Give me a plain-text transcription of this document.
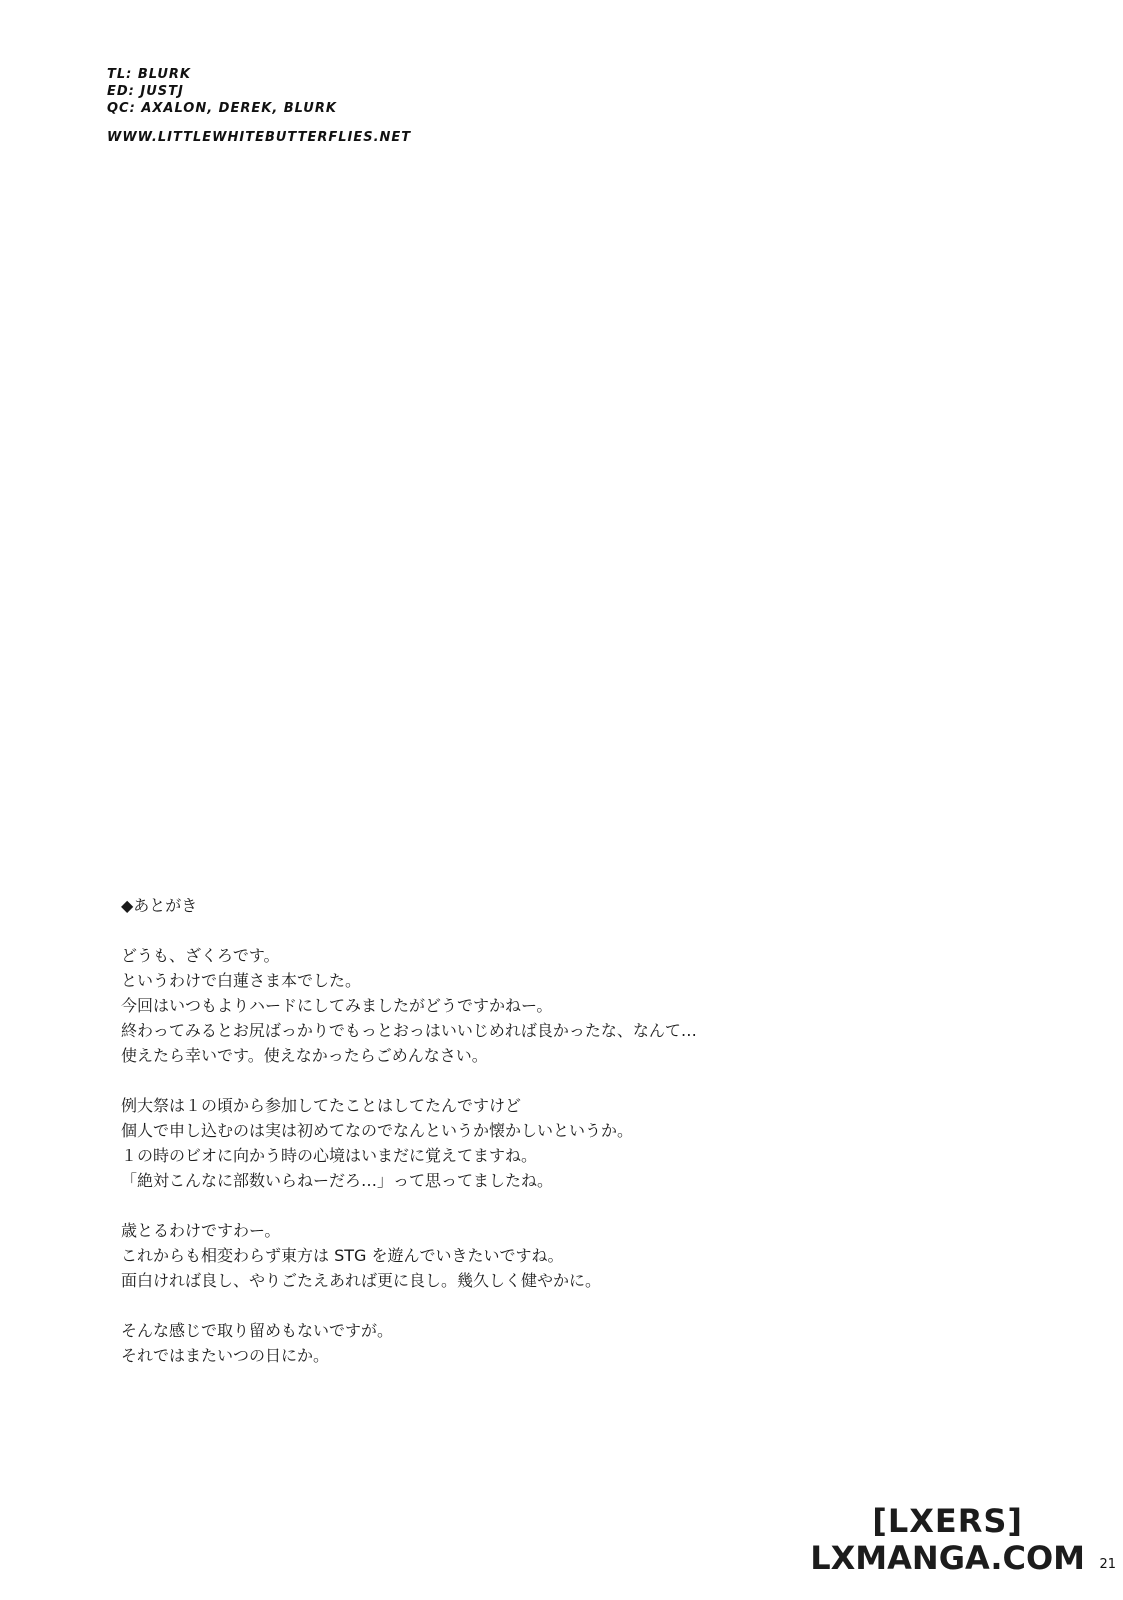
TL: BLURK
ED: JUSTJ
QC: AXALON, DEREK, BLURK
WWW.LITTLEWHITEBUTTERFLIES.NET
◆あとがき
どうも、ざくろです。
というわけで白蓮さま本でした。
今回はいつもよりハードにしてみましたがどうですかねー。
終わってみるとお尻ばっかりでもっとおっはいいじめれば良かったな、なんて…
使えたら幸いです。使えなかったらごめんなさい。
例大祭は１の頃から参加してたことはしてたんですけど
個人で申し込むのは実は初めてなのでなんというか懐かしいというか。
１の時のビオに向かう時の心境はいまだに覚えてますね。
「絶対こんなに部数いらねーだろ…」って思ってましたね。
歳とるわけですわー。
これからも相変わらず東方は STG を遊んでいきたいですね。
面白ければ良し、やりごたえあれば更に良し。幾久しく健やかに。
そんな感じで取り留めもないですが。
それではまたいつの日にか。
[LXERS]
LXMANGA.COM 21
